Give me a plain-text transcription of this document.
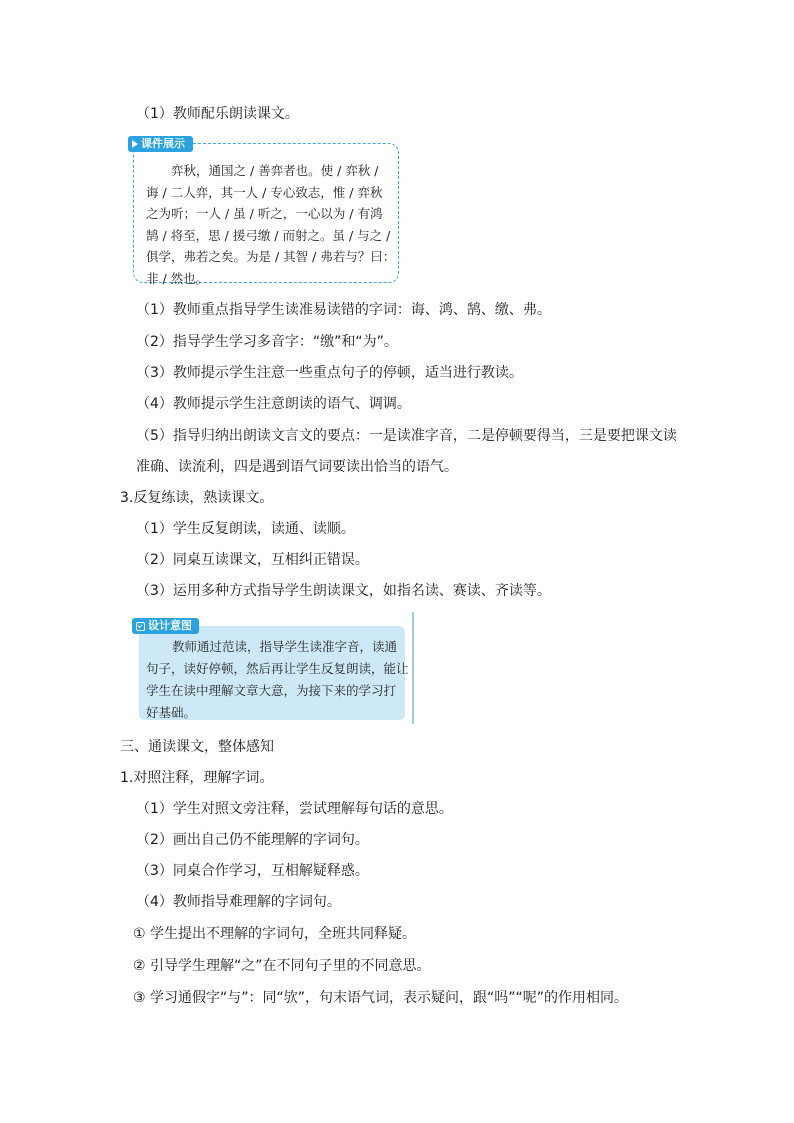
（1）教师配乐朗读课文。
课件展示
弈秋，通国之 / 善弈者也。使 / 弈秋 /
诲 / 二人弈，其一人 / 专心致志，惟 / 弈秋
之为听；一人 / 虽 / 听之，一心以为 / 有鸿
鹄 / 将至，思 / 援弓缴 / 而射之。虽 / 与之 /
俱学，弗若之矣。为是 / 其智 / 弗若与？曰：
非 / 然也。
（1）教师重点指导学生读准易读错的字词：诲、鸿、鹄、缴、弗。
（2）指导学生学习多音字：“缴”和“为”。
（3）教师提示学生注意一些重点句子的停顿，适当进行教读。
（4）教师提示学生注意朗读的语气、调调。
（5）指导归纳出朗读文言文的要点：一是读准字音，二是停顿要得当，三是要把课文读
准确、读流利，四是遇到语气词要读出恰当的语气。
3.反复练读，熟读课文。
（1）学生反复朗读，读通、读顺。
（2）同桌互读课文，互相纠正错误。
（3）运用多种方式指导学生朗读课文，如指名读、赛读、齐读等。
设计意图
教师通过范读，指导学生读准字音，读通
句子，读好停顿，然后再让学生反复朗读，能让
学生在读中理解文章大意，为接下来的学习打
好基础。
三、通读课文，整体感知
1.对照注释，理解字词。
（1）学生对照文旁注释，尝试理解每句话的意思。
（2）画出自己仍不能理解的字词句。
（3）同桌合作学习，互相解疑释惑。
（4）教师指导难理解的字词句。
① 学生提出不理解的字词句，全班共同释疑。
② 引导学生理解“之”在不同句子里的不同意思。
③ 学习通假字“与”：同“欤”，句末语气词，表示疑问，跟“吗”“呢”的作用相同。
